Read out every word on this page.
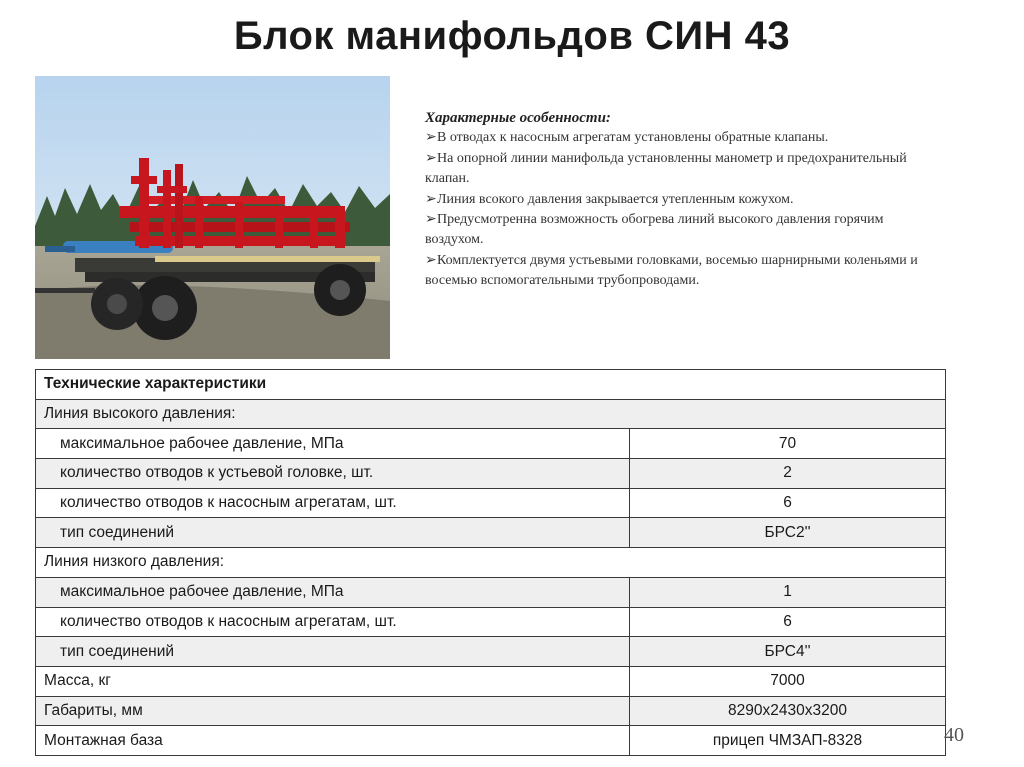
Блок манифольдов СИН 43
Характерные особенности:
➢В отводах к насосным агрегатам установлены обратные клапаны.
➢На опорной линии манифольда установленны манометр и предохранительный клапан.
➢Линия всокого давления закрывается утепленным кожухом.
➢Предусмотренна возможность обогрева линий высокого давления горячим воздухом.
➢Комплектуется двумя устьевыми головками, восемью шарнирными коленьями и восемью вспомогательными трубопроводами.
Технические характеристики	
Линия высокого давления:	
максимальное рабочее давление, МПа	70
количество отводов к устьевой головке, шт.	2
количество отводов к насосным агрегатам, шт.	6
тип соединений	БРС2''
Линия низкого давления:	
максимальное рабочее давление, МПа	1
количество отводов к насосным агрегатам, шт.	6
тип соединений	БРС4''
Масса, кг	7000
Габариты, мм	8290х2430х3200
Монтажная база	прицеп ЧМЗАП-8328	40
